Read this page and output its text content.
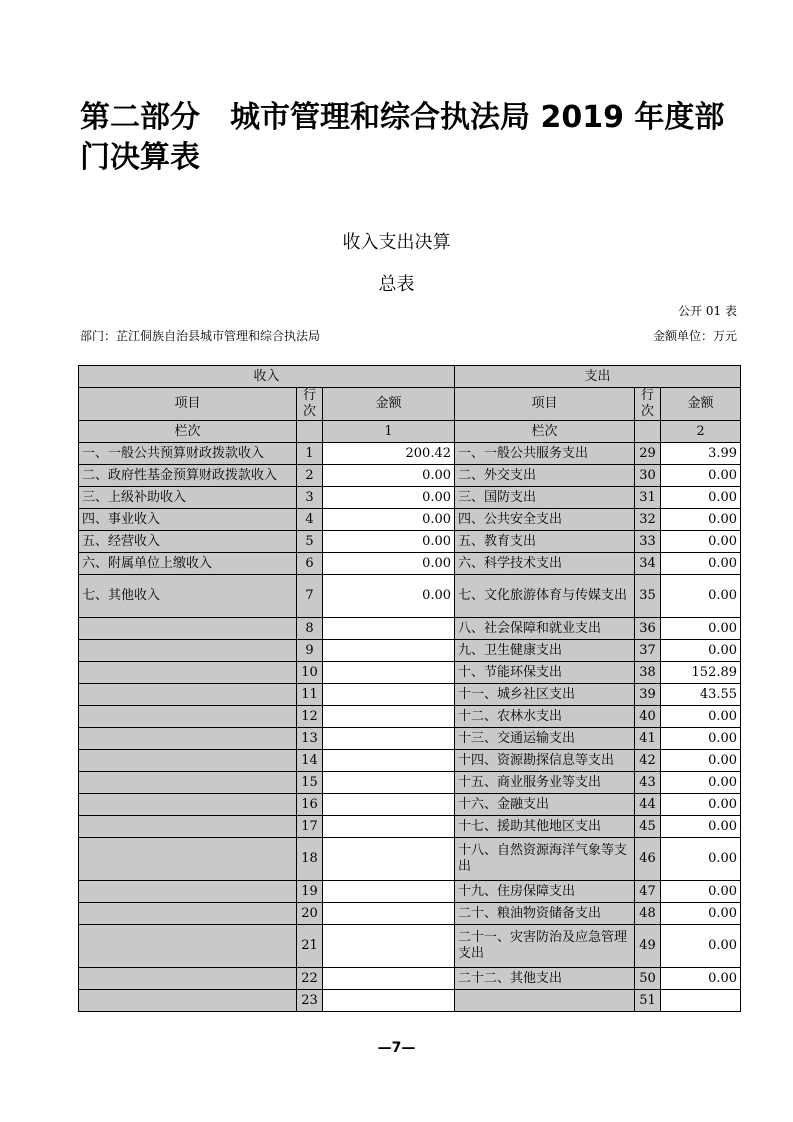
第二部分　城市管理和综合执法局 2019 年度部门决算表
收入支出决算
总表
公开 01 表
部门：芷江侗族自治县城市管理和综合执法局	金额单位：万元
收入			支出		
项目	行次	金额	项目	行次	金额
栏次		1	栏次		2
一、一般公共预算财政拨款收入	1	200.42	一、一般公共服务支出	29	3.99
二、政府性基金预算财政拨款收入	2	0.00	二、外交支出	30	0.00
三、上级补助收入	3	0.00	三、国防支出	31	0.00
四、事业收入	4	0.00	四、公共安全支出	32	0.00
五、经营收入	5	0.00	五、教育支出	33	0.00
六、附属单位上缴收入	6	0.00	六、科学技术支出	34	0.00
七、其他收入	7	0.00	七、文化旅游体育与传媒支出	35	0.00
	8		八、社会保障和就业支出	36	0.00
	9		九、卫生健康支出	37	0.00
	10		十、节能环保支出	38	152.89
	11		十一、城乡社区支出	39	43.55
	12		十二、农林水支出	40	0.00
	13		十三、交通运输支出	41	0.00
	14		十四、资源勘探信息等支出	42	0.00
	15		十五、商业服务业等支出	43	0.00
	16		十六、金融支出	44	0.00
	17		十七、援助其他地区支出	45	0.00
	18		十八、自然资源海洋气象等支出	46	0.00
	19		十九、住房保障支出	47	0.00
	20		二十、粮油物资储备支出	48	0.00
	21		二十一、灾害防治及应急管理支出	49	0.00
	22		二十二、其他支出	50	0.00
	23			51	
—7—
